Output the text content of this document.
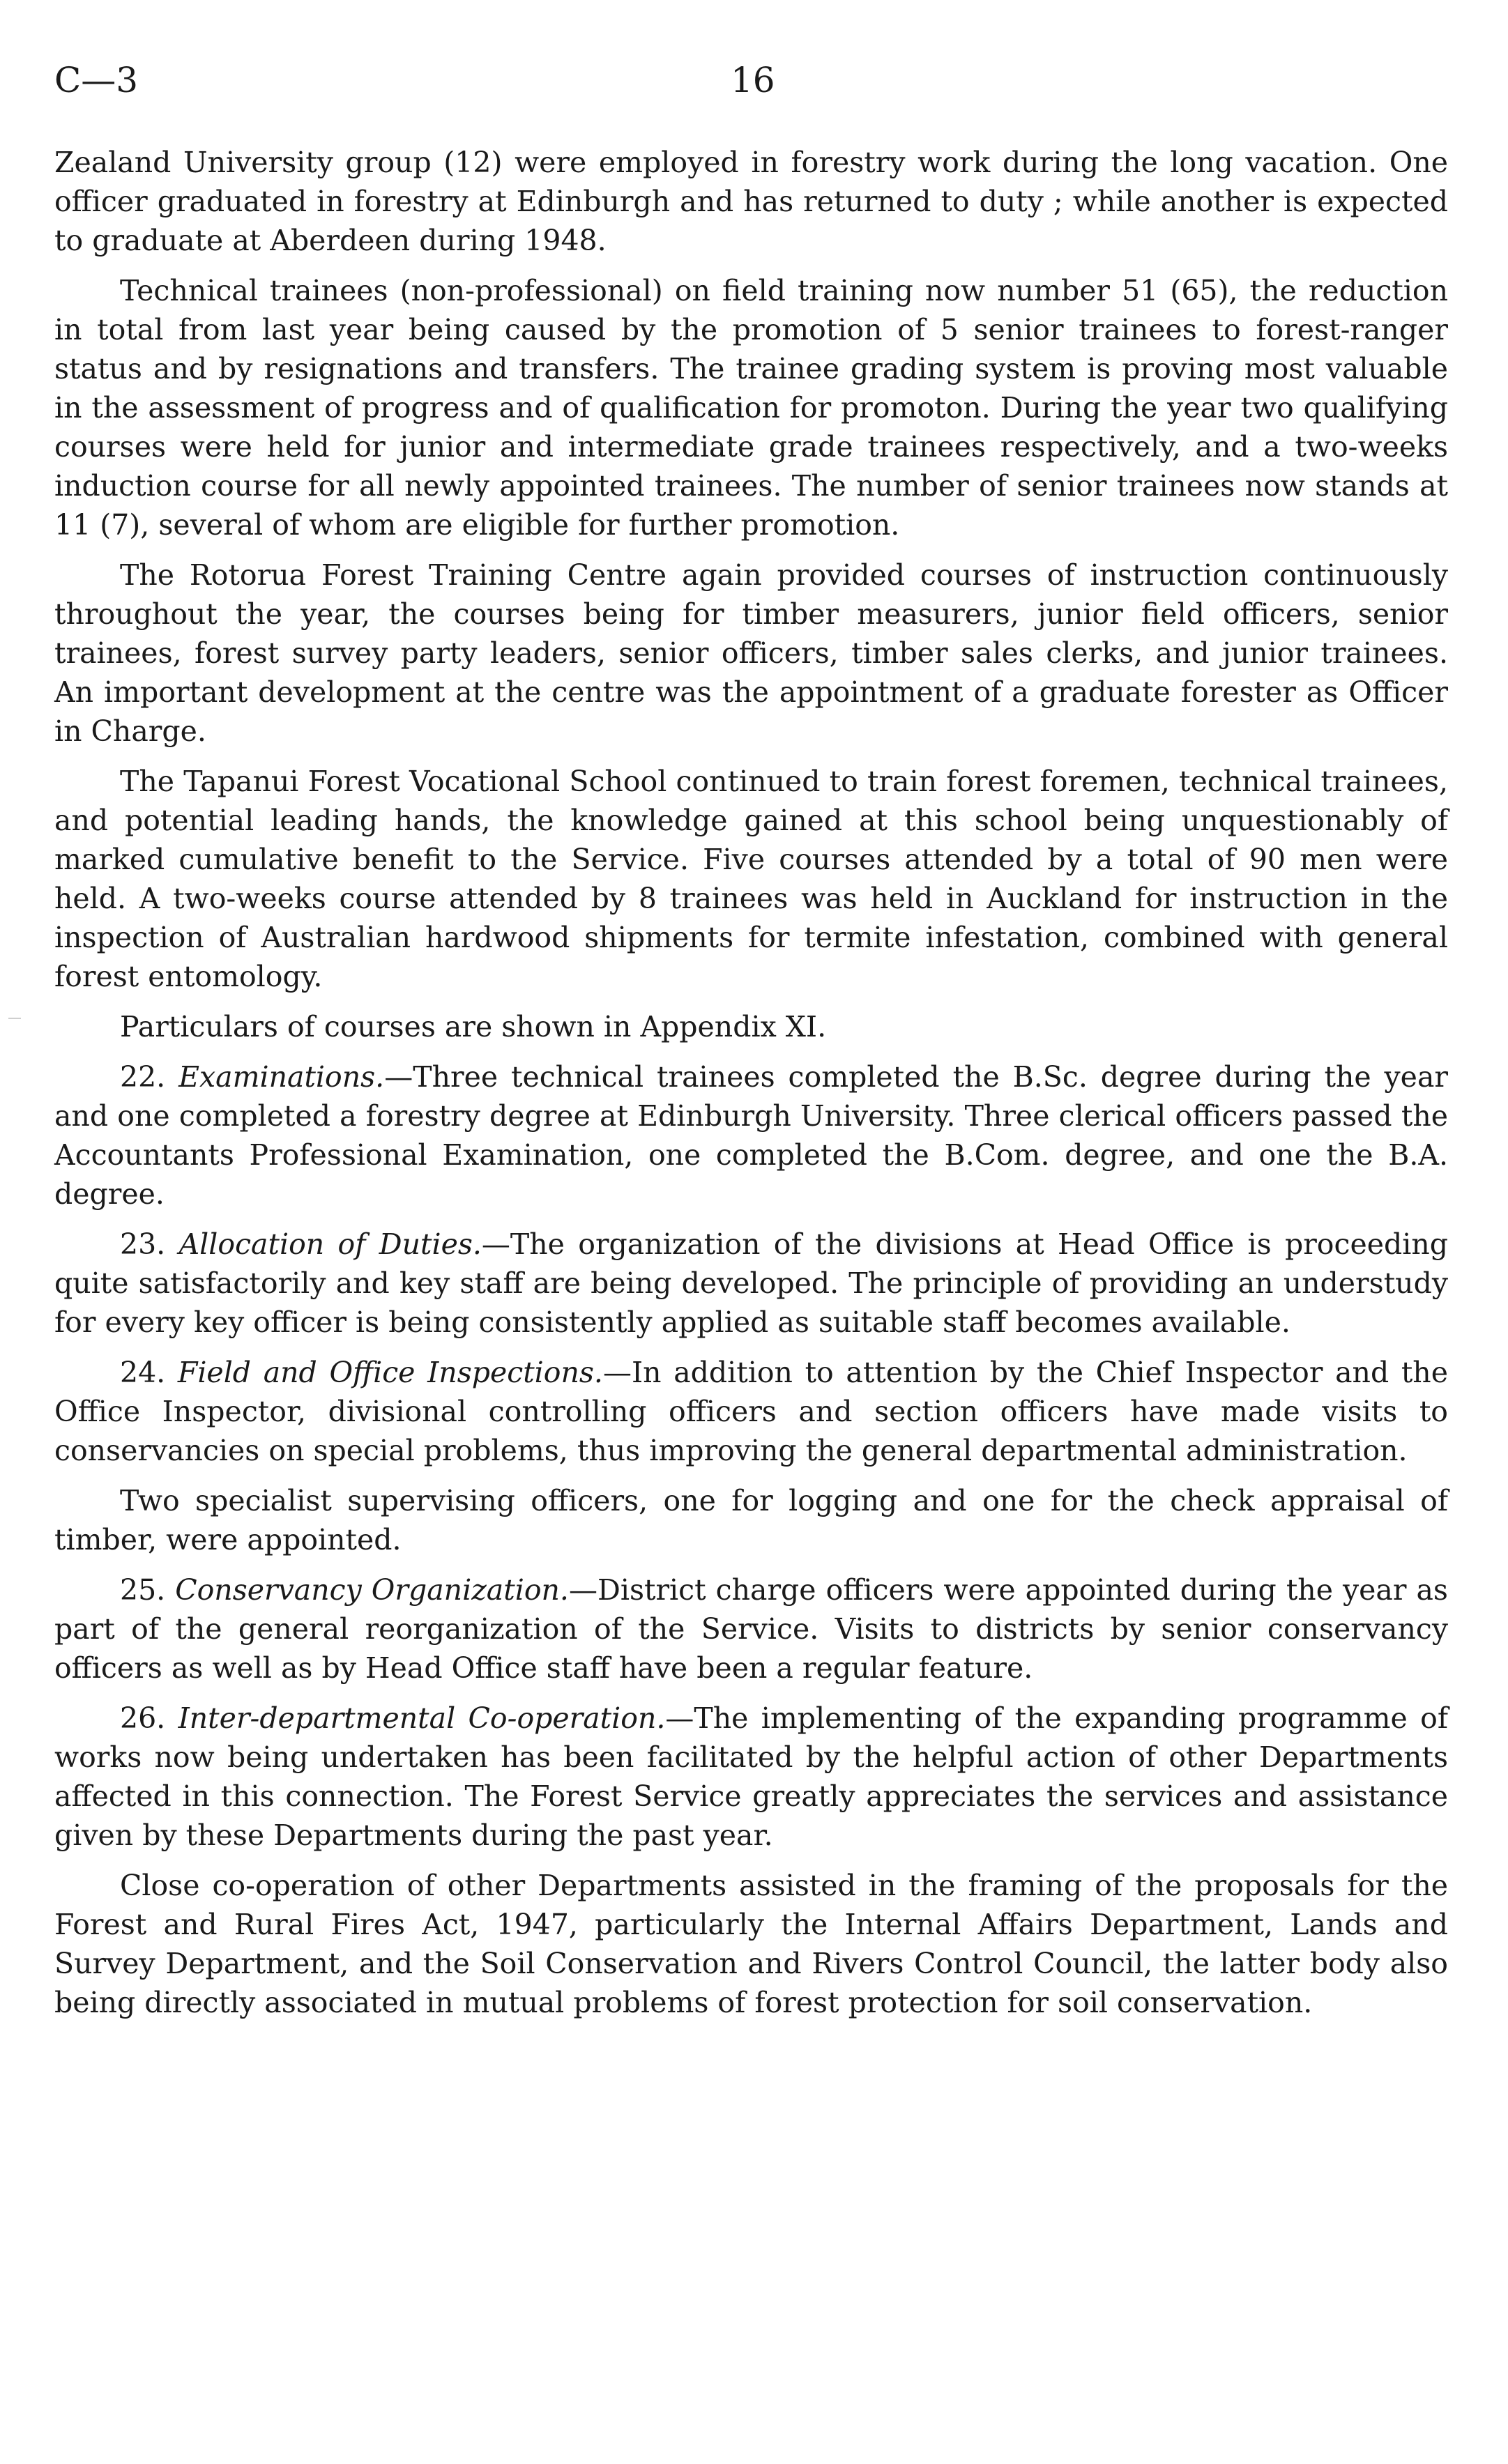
C—3	16

Zealand University group (12) were employed in forestry work during the long vacation. One officer graduated in forestry at Edinburgh and has returned to duty ; while another is expected to graduate at Aberdeen during 1948.

Technical trainees (non-professional) on field training now number 51 (65), the reduction in total from last year being caused by the promotion of 5 senior trainees to forest-ranger status and by resignations and transfers. The trainee grading system is proving most valuable in the assessment of progress and of qualification for promoton. During the year two qualifying courses were held for junior and intermediate grade trainees respectively, and a two-weeks induction course for all newly appointed trainees. The number of senior trainees now stands at 11 (7), several of whom are eligible for further promotion.

The Rotorua Forest Training Centre again provided courses of instruction continuously throughout the year, the courses being for timber measurers, junior field officers, senior trainees, forest survey party leaders, senior officers, timber sales clerks, and junior trainees. An important development at the centre was the appointment of a graduate forester as Officer in Charge.

The Tapanui Forest Vocational School continued to train forest foremen, technical trainees, and potential leading hands, the knowledge gained at this school being unquestionably of marked cumulative benefit to the Service. Five courses attended by a total of 90 men were held. A two-weeks course attended by 8 trainees was held in Auckland for instruction in the inspection of Australian hardwood shipments for termite infestation, combined with general forest entomology.

Particulars of courses are shown in Appendix XI.

22. Examinations.—Three technical trainees completed the B.Sc. degree during the year and one completed a forestry degree at Edinburgh University. Three clerical officers passed the Accountants Professional Examination, one completed the B.Com. degree, and one the B.A. degree.

23. Allocation of Duties.—The organization of the divisions at Head Office is proceeding quite satisfactorily and key staff are being developed. The principle of providing an understudy for every key officer is being consistently applied as suitable staff becomes available.

24. Field and Office Inspections.—In addition to attention by the Chief Inspector and the Office Inspector, divisional controlling officers and section officers have made visits to conservancies on special problems, thus improving the general departmental administration.

Two specialist supervising officers, one for logging and one for the check appraisal of timber, were appointed.

25. Conservancy Organization.—District charge officers were appointed during the year as part of the general reorganization of the Service. Visits to districts by senior conservancy officers as well as by Head Office staff have been a regular feature.

26. Inter-departmental Co-operation.—The implementing of the expanding programme of works now being undertaken has been facilitated by the helpful action of other Departments affected in this connection. The Forest Service greatly appreciates the services and assistance given by these Departments during the past year.

Close co-operation of other Departments assisted in the framing of the proposals for the Forest and Rural Fires Act, 1947, particularly the Internal Affairs Department, Lands and Survey Department, and the Soil Conservation and Rivers Control Council, the latter body also being directly associated in mutual problems of forest protection for soil conservation.
